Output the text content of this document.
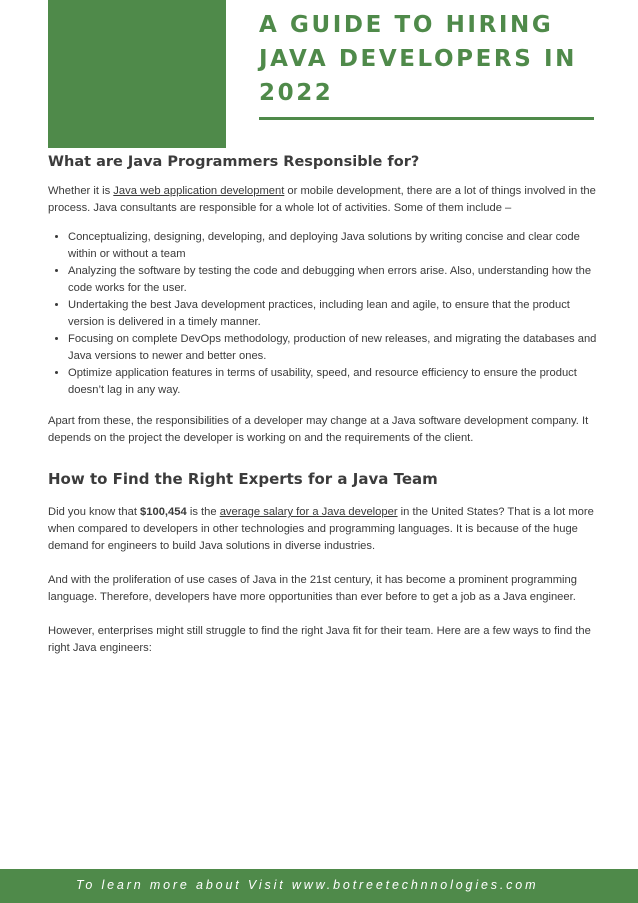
A GUIDE TO HIRING JAVA DEVELOPERS IN 2022
What are Java Programmers Responsible for?

Whether it is Java web application development or mobile development, there are a lot of things involved in the process. Java consultants are responsible for a whole lot of activities. Some of them include –

• Conceptualizing, designing, developing, and deploying Java solutions by writing concise and clear code within or without a team
• Analyzing the software by testing the code and debugging when errors arise. Also, understanding how the code works for the user.
• Undertaking the best Java development practices, including lean and agile, to ensure that the product version is delivered in a timely manner.
• Focusing on complete DevOps methodology, production of new releases, and migrating the databases and Java versions to newer and better ones.
• Optimize application features in terms of usability, speed, and resource efficiency to ensure the product doesn’t lag in any way.

Apart from these, the responsibilities of a developer may change at a Java software development company. It depends on the project the developer is working on and the requirements of the client.

How to Find the Right Experts for a Java Team

Did you know that $100,454 is the average salary for a Java developer in the United States? That is a lot more when compared to developers in other technologies and programming languages. It is because of the huge demand for engineers to build Java solutions in diverse industries.

And with the proliferation of use cases of Java in the 21st century, it has become a prominent programming language. Therefore, developers have more opportunities than ever before to get a job as a Java engineer.

However, enterprises might still struggle to find the right Java fit for their team. Here are a few ways to find the right Java engineers:

To learn more about Visit www.botreetechnnologies.com
